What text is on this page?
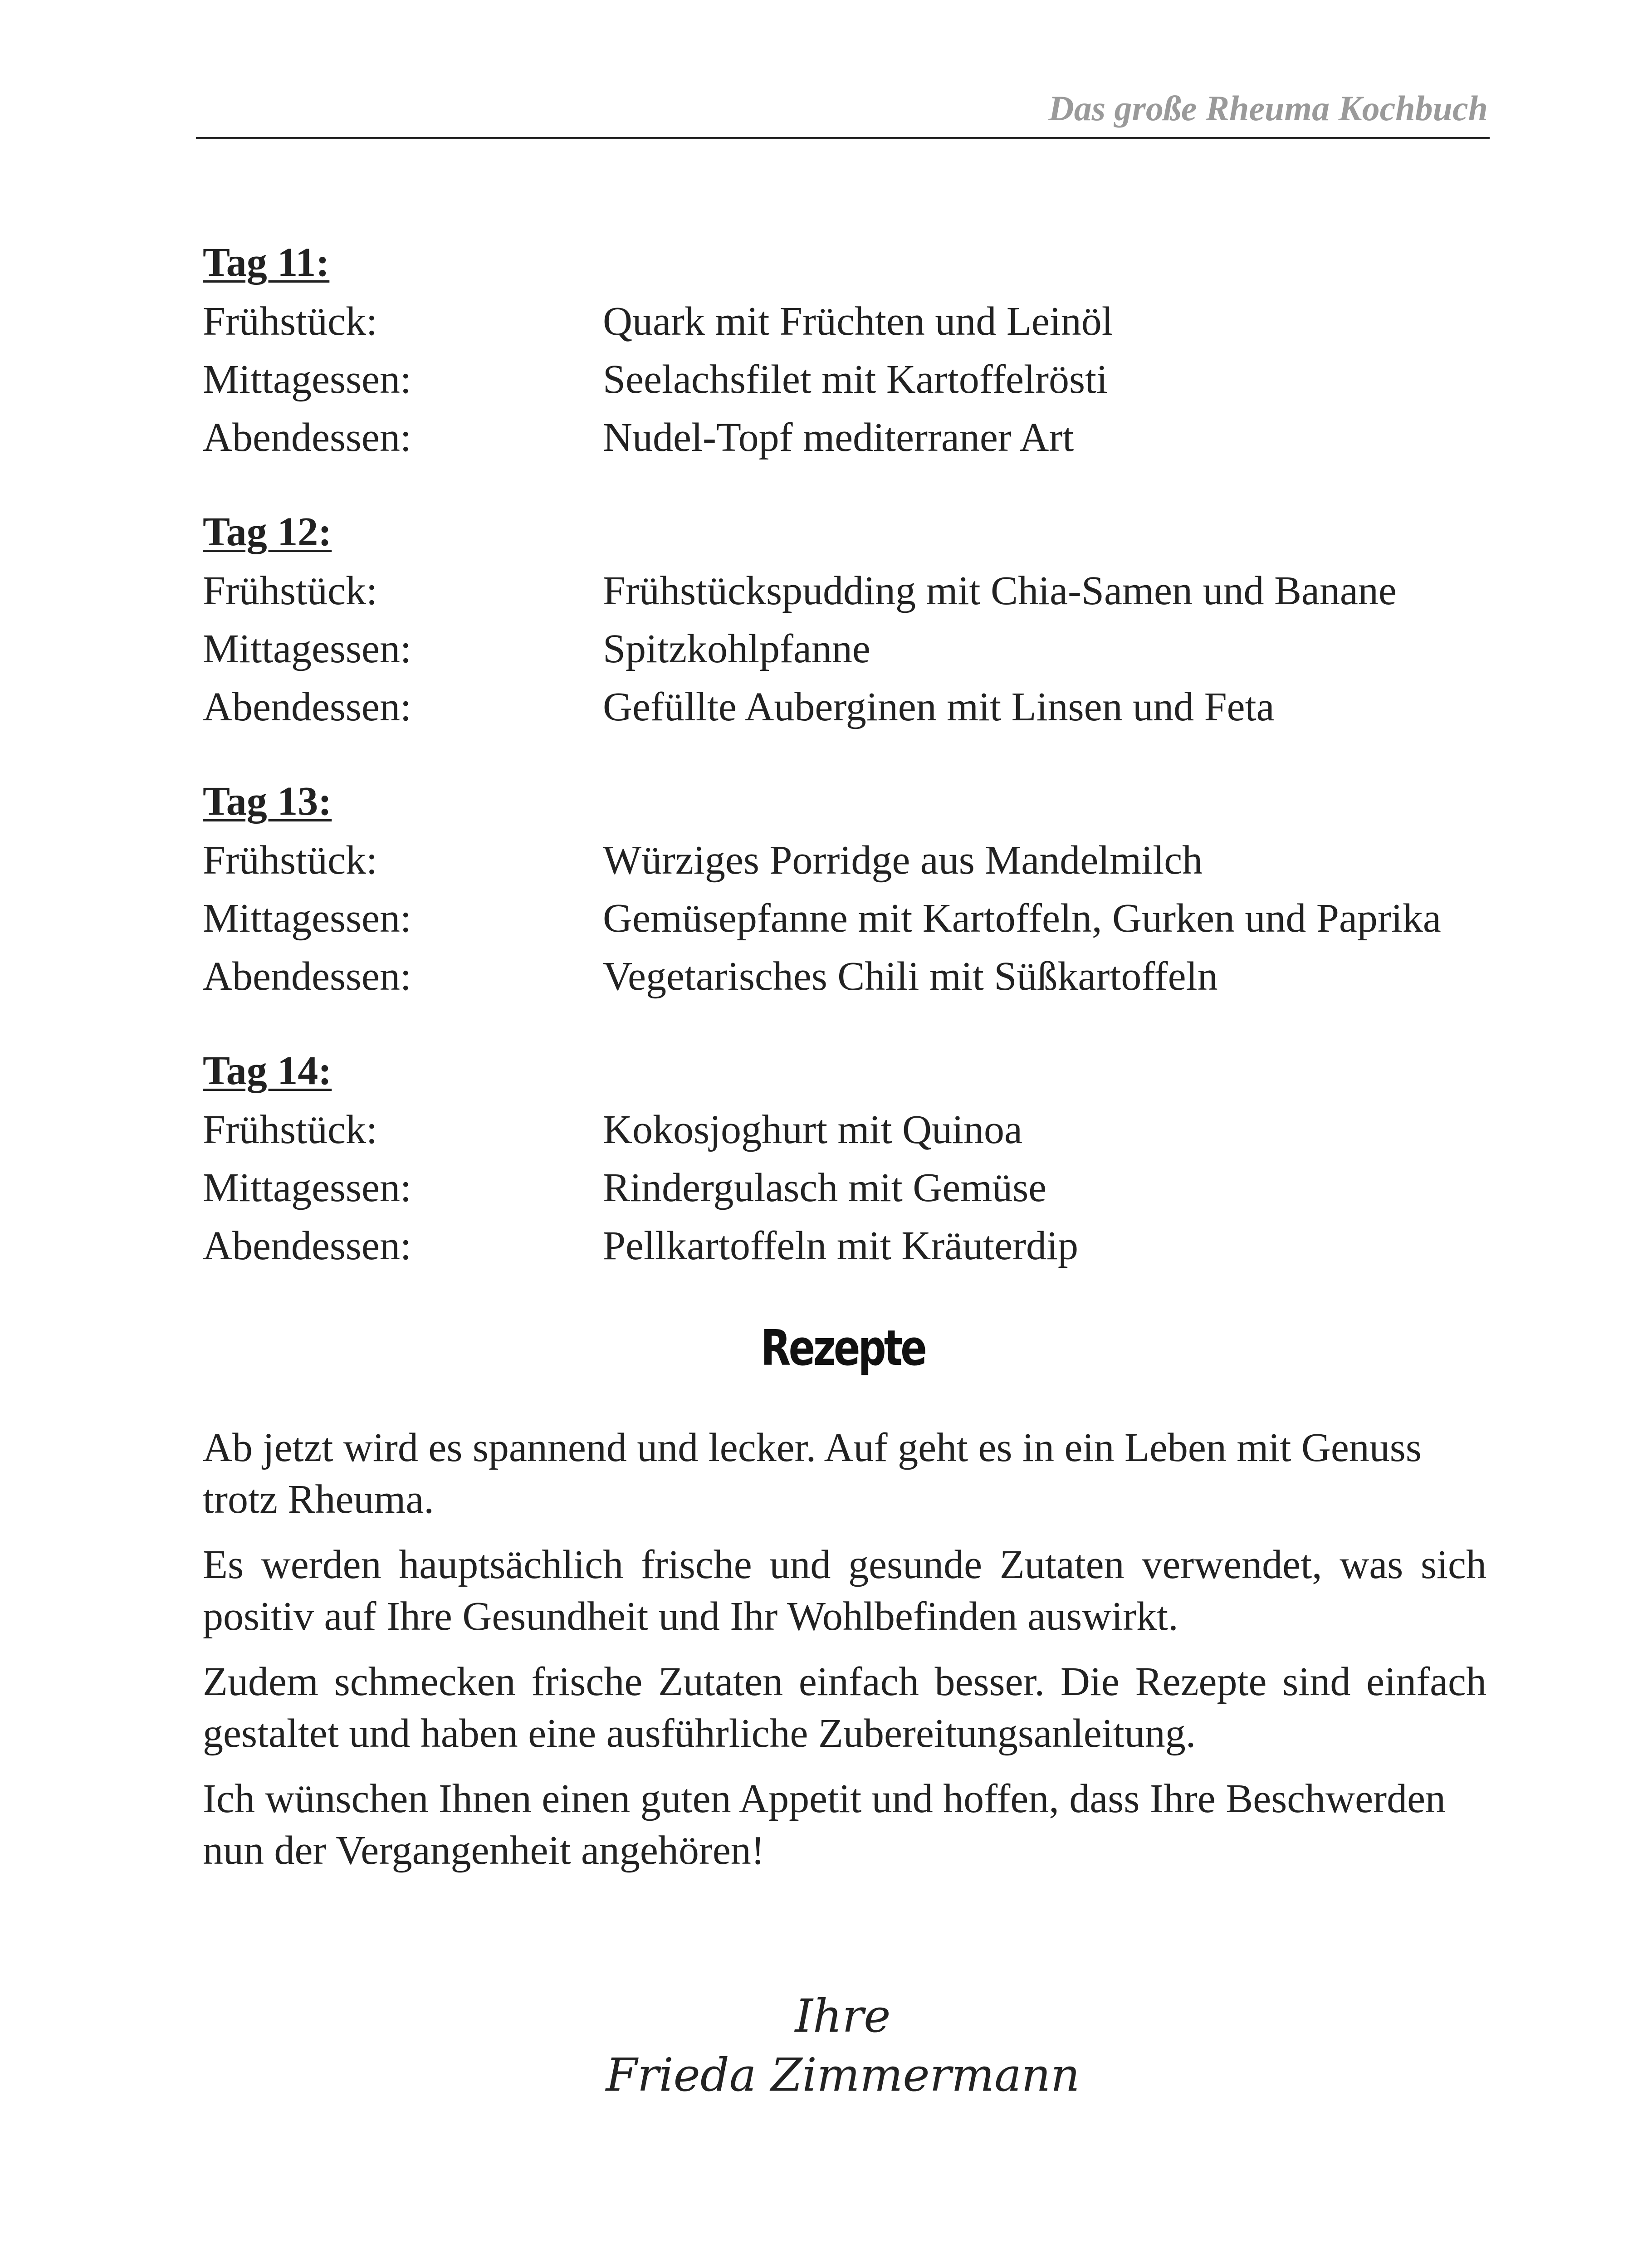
Das große Rheuma Kochbuch
Tag 11:
Frühstück:	Quark mit Früchten und Leinöl
Mittagessen:	Seelachsfilet mit Kartoffelrösti
Abendessen:	Nudel-Topf mediterraner Art
Tag 12:
Frühstück:	Frühstückspudding mit Chia-Samen und Banane
Mittagessen:	Spitzkohlpfanne
Abendessen:	Gefüllte Auberginen mit Linsen und Feta
Tag 13:
Frühstück:	Würziges Porridge aus Mandelmilch
Mittagessen:	Gemüsepfanne mit Kartoffeln, Gurken und Paprika
Abendessen:	Vegetarisches Chili mit Süßkartoffeln
Tag 14:
Frühstück:	Kokosjoghurt mit Quinoa
Mittagessen:	Rindergulasch mit Gemüse
Abendessen:	Pellkartoffeln mit Kräuterdip
Rezepte

Ab jetzt wird es spannend und lecker. Auf geht es in ein Leben mit Genuss trotz Rheuma.

Es werden hauptsächlich frische und gesunde Zutaten verwendet, was sich positiv auf Ihre Gesundheit und Ihr Wohlbefinden auswirkt.

Zudem schmecken frische Zutaten einfach besser. Die Rezepte sind einfach gestaltet und haben eine ausführliche Zubereitungsanleitung.

Ich wünschen Ihnen einen guten Appetit und hoffen, dass Ihre Beschwerden nun der Vergangenheit angehören!

Ihre
Frieda Zimmermann
